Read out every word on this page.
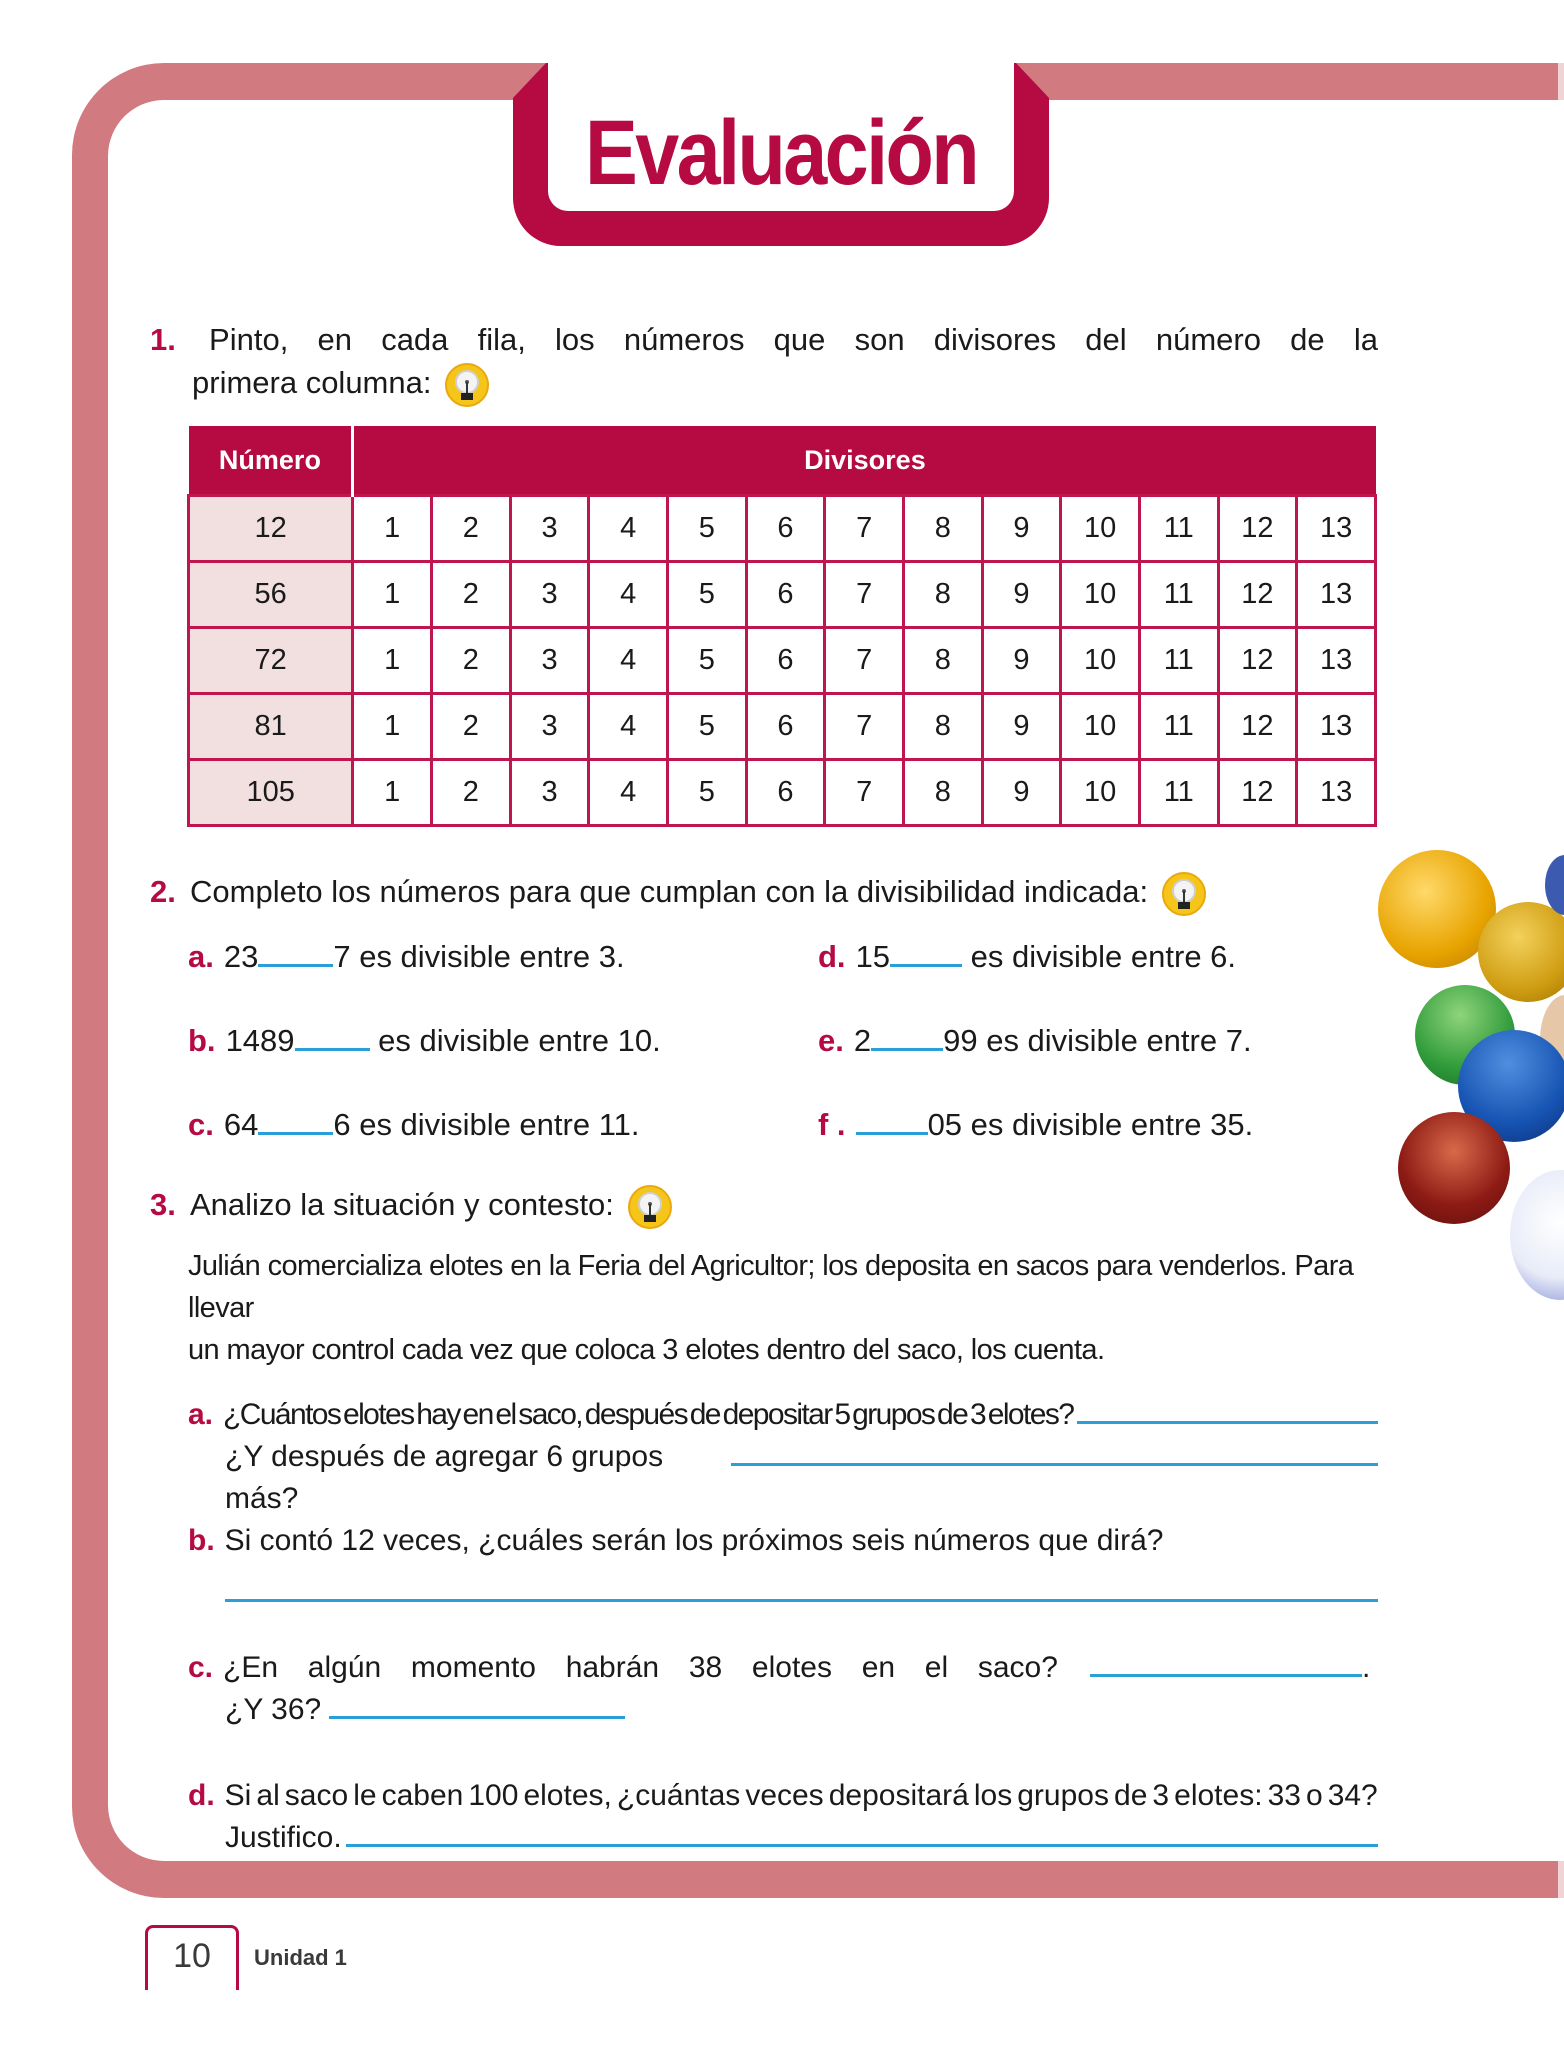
Evaluación
1. Pinto, en cada fila, los números que son divisores del número de la
primera columna:
Número	Divisores												
12	1	2	3	4	5	6	7	8	9	10	11	12	13
56	1	2	3	4	5	6	7	8	9	10	11	12	13
72	1	2	3	4	5	6	7	8	9	10	11	12	13
81	1	2	3	4	5	6	7	8	9	10	11	12	13
105	1	2	3	4	5	6	7	8	9	10	11	12	13
2. Completo los números para que cumplan con la divisibilidad indicada:
a. 23 7 es divisible entre 3.
b. 1489 es divisible entre 10.
c. 64 6 es divisible entre 11.
d. 15 es divisible entre 6.
e. 2 99 es divisible entre 7.
f .	05 es divisible entre 35.
3. Analizo la situación y contesto:
Julián comercializa elotes en la Feria del Agricultor; los deposita en sacos para venderlos. Para llevar
un mayor control cada vez que coloca 3 elotes dentro del saco, los cuenta.
a. ¿Cuántos elotes hay en el saco, después de depositar 5 grupos de 3 elotes?
¿Y después de agregar 6 grupos más?
b. Si contó 12 veces, ¿cuáles serán los próximos seis números que dirá?
c. ¿En algún momento habrán 38 elotes en el saco?	.
¿Y 36?
d. Si al saco le caben 100 elotes, ¿cuántas veces depositará los grupos de 3 elotes: 33 o 34?
Justifico.
10	Unidad 1
